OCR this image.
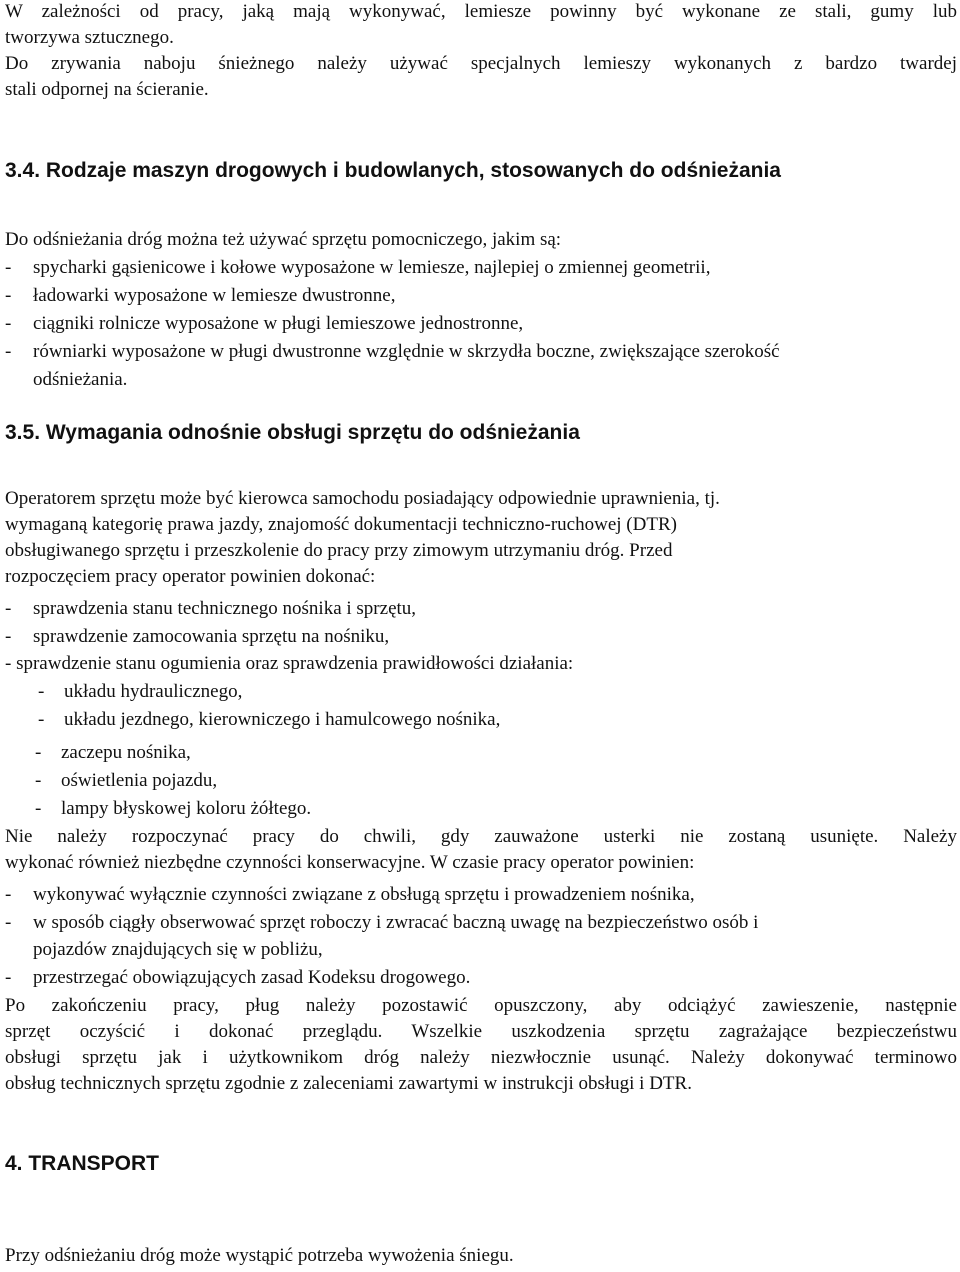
W zależności od pracy, jaką mają wykonywać, lemiesze powinny być wykonane ze stali, gumy lub
tworzywa sztucznego.
Do zrywania naboju śnieżnego należy używać specjalnych lemieszy wykonanych z bardzo twardej
stali odpornej na ścieranie.
3.4. Rodzaje maszyn drogowych i budowlanych, stosowanych do odśnieżania
Do odśnieżania dróg można też używać sprzętu pomocniczego, jakim są:
- spycharki gąsienicowe i kołowe wyposażone w lemiesze, najlepiej o zmiennej geometrii,
- ładowarki wyposażone w lemiesze dwustronne,
- ciągniki rolnicze wyposażone w pługi lemieszowe jednostronne,
- równiarki wyposażone w pługi dwustronne względnie w skrzydła boczne, zwiększające szerokość
odśnieżania.
3.5. Wymagania odnośnie obsługi sprzętu do odśnieżania
Operatorem sprzętu może być kierowca samochodu posiadający odpowiednie uprawnienia, tj.
wymaganą kategorię prawa jazdy, znajomość dokumentacji techniczno-ruchowej (DTR)
obsługiwanego sprzętu i przeszkolenie do pracy przy zimowym utrzymaniu dróg. Przed
rozpoczęciem pracy operator powinien dokonać:
- sprawdzenia stanu technicznego nośnika i sprzętu,
- sprawdzenie zamocowania sprzętu na nośniku,
- sprawdzenie stanu ogumienia oraz sprawdzenia prawidłowości działania:
- układu hydraulicznego,
- układu jezdnego, kierowniczego i hamulcowego nośnika,
- zaczepu nośnika,
- oświetlenia pojazdu,
- lampy błyskowej koloru żółtego.
Nie należy rozpoczynać pracy do chwili, gdy zauważone usterki nie zostaną usunięte. Należy
wykonać również niezbędne czynności konserwacyjne. W czasie pracy operator powinien:
- wykonywać wyłącznie czynności związane z obsługą sprzętu i prowadzeniem nośnika,
- w sposób ciągły obserwować sprzęt roboczy i zwracać baczną uwagę na bezpieczeństwo osób i
pojazdów znajdujących się w pobliżu,
- przestrzegać obowiązujących zasad Kodeksu drogowego.
Po zakończeniu pracy, pług należy pozostawić opuszczony, aby odciążyć zawieszenie, następnie
sprzęt oczyścić i dokonać przeglądu. Wszelkie uszkodzenia sprzętu zagrażające bezpieczeństwu
obsługi sprzętu jak i użytkownikom dróg należy niezwłocznie usunąć. Należy dokonywać terminowo
obsług technicznych sprzętu zgodnie z zaleceniami zawartymi w instrukcji obsługi i DTR.
4. TRANSPORT
Przy odśnieżaniu dróg może wystąpić potrzeba wywożenia śniegu.
